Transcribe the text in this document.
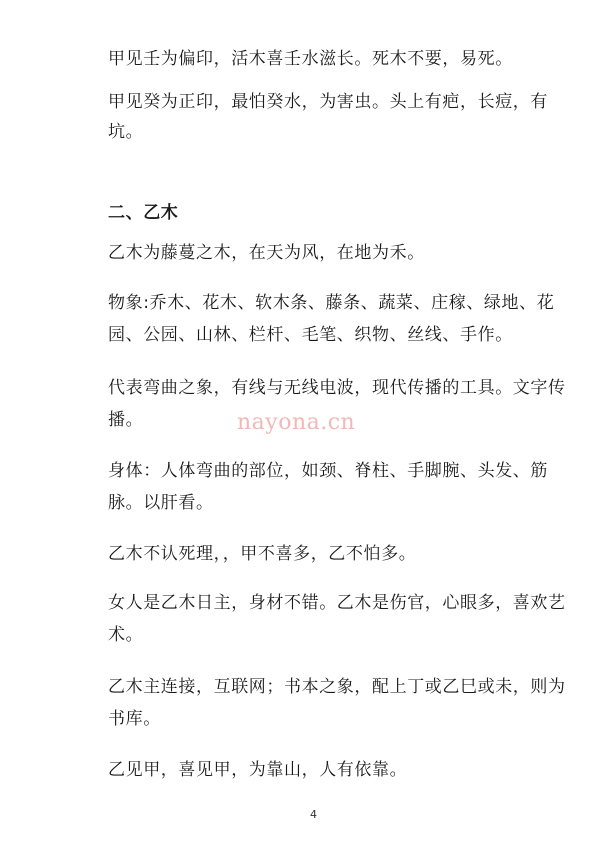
甲见壬为偏印，活木喜壬水滋长。死木不要，易死。
甲见癸为正印，最怕癸水，为害虫。头上有疤，长痘，有
坑。
二、乙木
乙木为藤蔓之木，在天为风，在地为禾。
物象:乔木、花木、软木条、藤条、蔬菜、庄稼、绿地、花
园、公园、山林、栏杆、毛笔、织物、丝线、手作。
代表弯曲之象，有线与无线电波，现代传播的工具。文字传
播。
身体：人体弯曲的部位，如颈、脊柱、手脚腕、头发、筋
脉。以肝看。
乙木不认死理，，甲不喜多，乙不怕多。
女人是乙木日主，身材不错。乙木是伤官，心眼多，喜欢艺
术。
乙木主连接，互联网；书本之象，配上丁或乙巳或未，则为
书库。
乙见甲，喜见甲，为靠山，人有依靠。
nayona.cn
4
